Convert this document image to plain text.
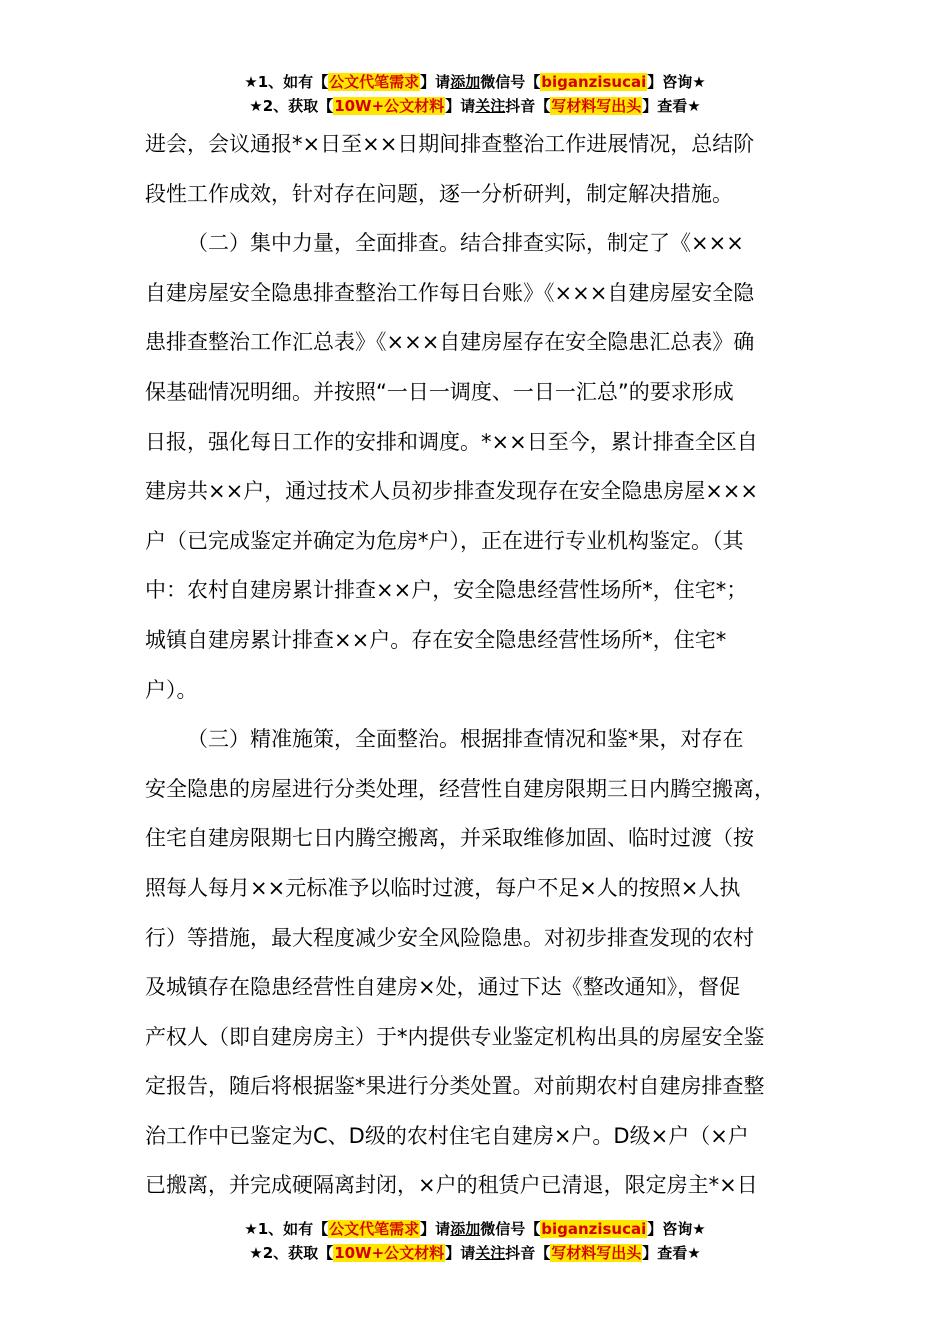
★1、如有【公文代笔需求】请添加微信号【biganzisucai】咨询★
★2、获取【10W+公文材料】请关注抖音【写材料写出头】查看★
进会，会议通报*×日至××日期间排查整治工作进展情况，总结阶
段性工作成效，针对存在问题，逐一分析研判，制定解决措施。
（二）集中力量，全面排查。结合排查实际，制定了《×××
自建房屋安全隐患排查整治工作每日台账》《×××自建房屋安全隐
患排查整治工作汇总表》《×××自建房屋存在安全隐患汇总表》确
保基础情况明细。并按照“一日一调度、一日一汇总”的要求形成
日报，强化每日工作的安排和调度。*××日至今，累计排查全区自
建房共××户，通过技术人员初步排查发现存在安全隐患房屋×××
户（已完成鉴定并确定为危房*户），正在进行专业机构鉴定。（其
中：农村自建房累计排查××户，安全隐患经营性场所*，住宅*；
城镇自建房累计排查××户。存在安全隐患经营性场所*，住宅*
户）。
（三）精准施策，全面整治。根据排查情况和鉴*果，对存在
安全隐患的房屋进行分类处理，经营性自建房限期三日内腾空搬离，
住宅自建房限期七日内腾空搬离，并采取维修加固、临时过渡（按
照每人每月××元标准予以临时过渡，每户不足×人的按照×人执
行）等措施，最大程度减少安全风险隐患。对初步排查发现的农村
及城镇存在隐患经营性自建房×处，通过下达《整改通知》，督促
产权人（即自建房房主）于*内提供专业鉴定机构出具的房屋安全鉴
定报告，随后将根据鉴*果进行分类处置。对前期农村自建房排查整
治工作中已鉴定为C、D级的农村住宅自建房×户。D级×户（×户
已搬离，并完成硬隔离封闭，×户的租赁户已清退，限定房主*×日
★1、如有【公文代笔需求】请添加微信号【biganzisucai】咨询★
★2、获取【10W+公文材料】请关注抖音【写材料写出头】查看★
